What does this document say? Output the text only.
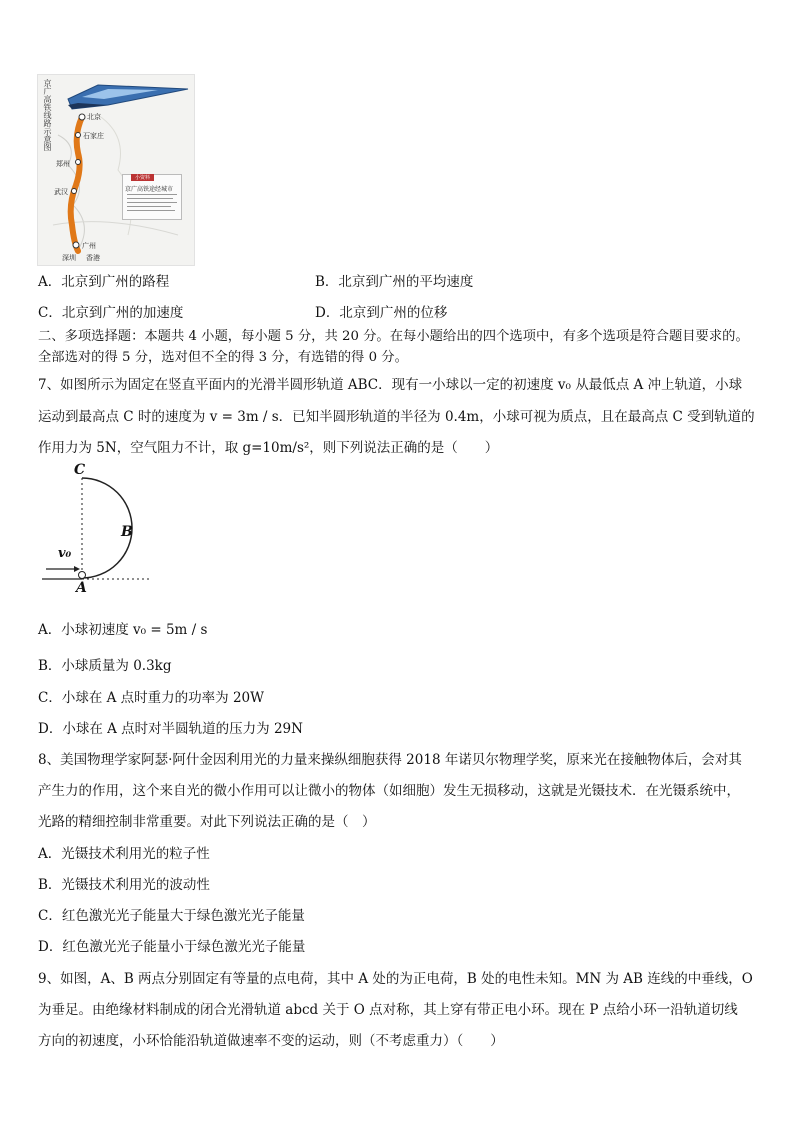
京广高铁线路示意图	北京
石家庄
郑州
武汉
广州
深圳 香港
小资料
京广高铁途经城市
A．北京到广州的路程	B．北京到广州的平均速度
C．北京到广州的加速度	D．北京到广州的位移
二、多项选择题：本题共 4 小题，每小题 5 分，共 20 分。在每小题给出的四个选项中，有多个选项是符合题目要求的。
全部选对的得 5 分，选对但不全的得 3 分，有选错的得 0 分。
7、如图所示为固定在竖直平面内的光滑半圆形轨道 ABC．现有一小球以一定的初速度 v₀ 从最低点 A 冲上轨道，小球
运动到最高点 C 时的速度为 v = 3m / s．已知半圆形轨道的半径为 0.4m，小球可视为质点，且在最高点 C 受到轨道的
作用力为 5N，空气阻力不计，取 g=10m/s²，则下列说法正确的是（　　）
C
B
A
v₀
A．小球初速度 v₀ = 5m / s
B．小球质量为 0.3kg
C．小球在 A 点时重力的功率为 20W
D．小球在 A 点时对半圆轨道的压力为 29N
8、美国物理学家阿瑟·阿什金因利用光的力量来操纵细胞获得 2018 年诺贝尔物理学奖，原来光在接触物体后，会对其
产生力的作用，这个来自光的微小作用可以让微小的物体（如细胞）发生无损移动，这就是光镊技术．在光镊系统中，
光路的精细控制非常重要。对此下列说法正确的是（　）
A．光镊技术利用光的粒子性
B．光镊技术利用光的波动性
C．红色激光光子能量大于绿色激光光子能量
D．红色激光光子能量小于绿色激光光子能量
9、如图，A、B 两点分别固定有等量的点电荷，其中 A 处的为正电荷，B 处的电性未知。MN 为 AB 连线的中垂线，O
为垂足。由绝缘材料制成的闭合光滑轨道 abcd 关于 O 点对称，其上穿有带正电小环。现在 P 点给小环一沿轨道切线
方向的初速度，小环恰能沿轨道做速率不变的运动，则（不考虑重力）（　　）
